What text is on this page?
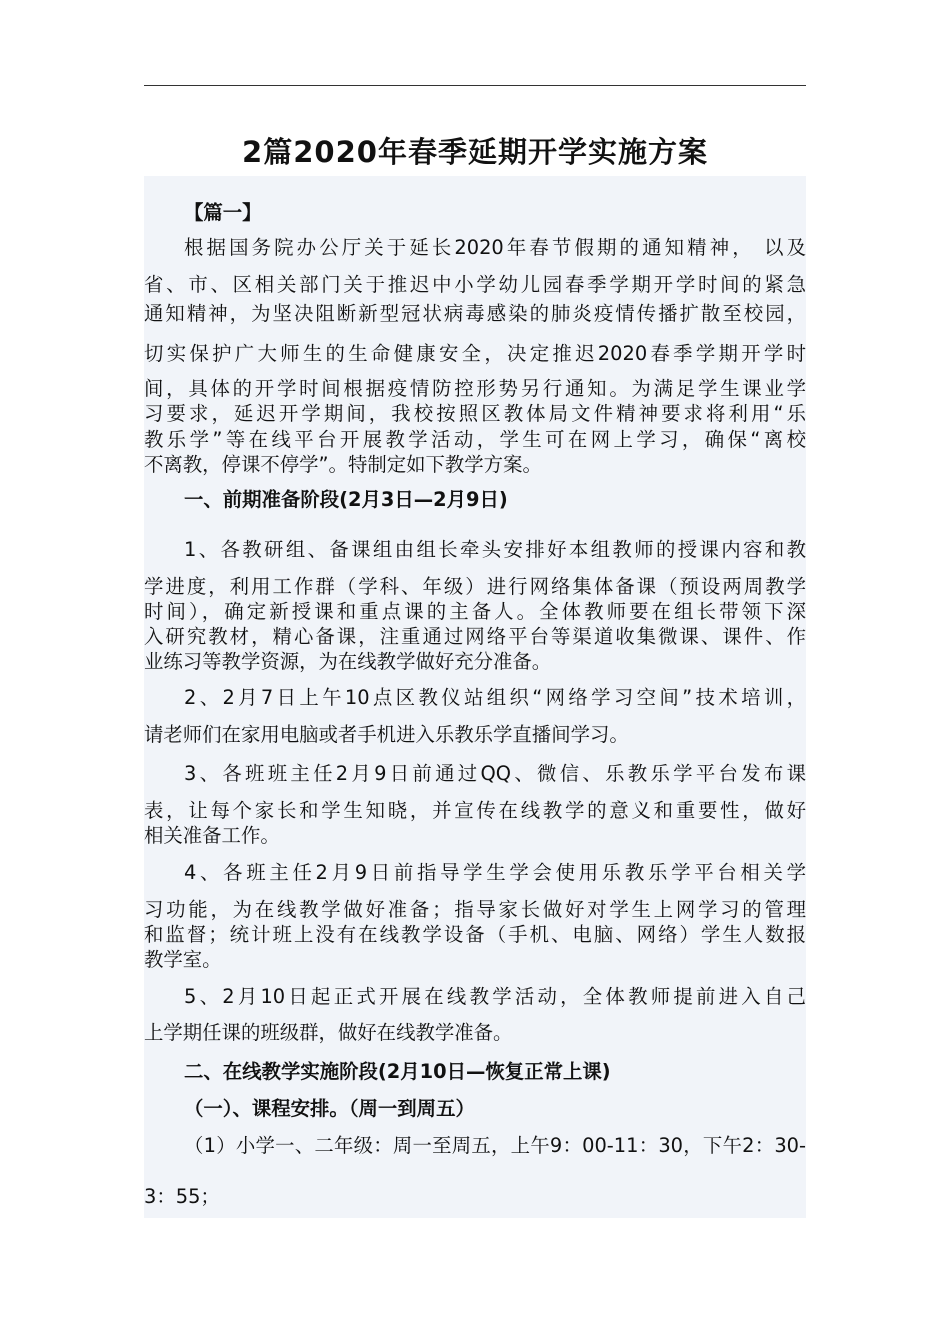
2篇2020年春季延期开学实施方案
【篇一】
根据国务院办公厅关于延长2020年春节假期的通知精神， 以及
省、市、区相关部门关于推迟中小学幼儿园春季学期开学时间的紧急
通知精神，为坚决阻断新型冠状病毒感染的肺炎疫情传播扩散至校园，
切实保护广大师生的生命健康安全，决定推迟2020春季学期开学时
间，具体的开学时间根据疫情防控形势另行通知。为满足学生课业学
习要求，延迟开学期间，我校按照区教体局文件精神要求将利用“乐
教乐学”等在线平台开展教学活动，学生可在网上学习，确保“离校
不离教，停课不停学”。特制定如下教学方案。
一、前期准备阶段(2月3日—2月9日)
1、各教研组、备课组由组长牵头安排好本组教师的授课内容和教
学进度，利用工作群（学科、年级）进行网络集体备课（预设两周教学
时间），确定新授课和重点课的主备人。全体教师要在组长带领下深
入研究教材，精心备课，注重通过网络平台等渠道收集微课、课件、作
业练习等教学资源，为在线教学做好充分准备。
2、2月7日上午10点区教仪站组织“网络学习空间”技术培训，
请老师们在家用电脑或者手机进入乐教乐学直播间学习。
3、各班班主任2月9日前通过QQ、微信、乐教乐学平台发布课
表，让每个家长和学生知晓，并宣传在线教学的意义和重要性，做好
相关准备工作。
4、各班主任2月9日前指导学生学会使用乐教乐学平台相关学
习功能，为在线教学做好准备；指导家长做好对学生上网学习的管理
和监督；统计班上没有在线教学设备（手机、电脑、网络）学生人数报
教学室。
5、2月10日起正式开展在线教学活动，全体教师提前进入自己
上学期任课的班级群，做好在线教学准备。
二、在线教学实施阶段(2月10日—恢复正常上课)
（一）、课程安排。（周一到周五）
（1）小学一、二年级：周一至周五，上午9：00-11：30，下午2：30-
3：55；
